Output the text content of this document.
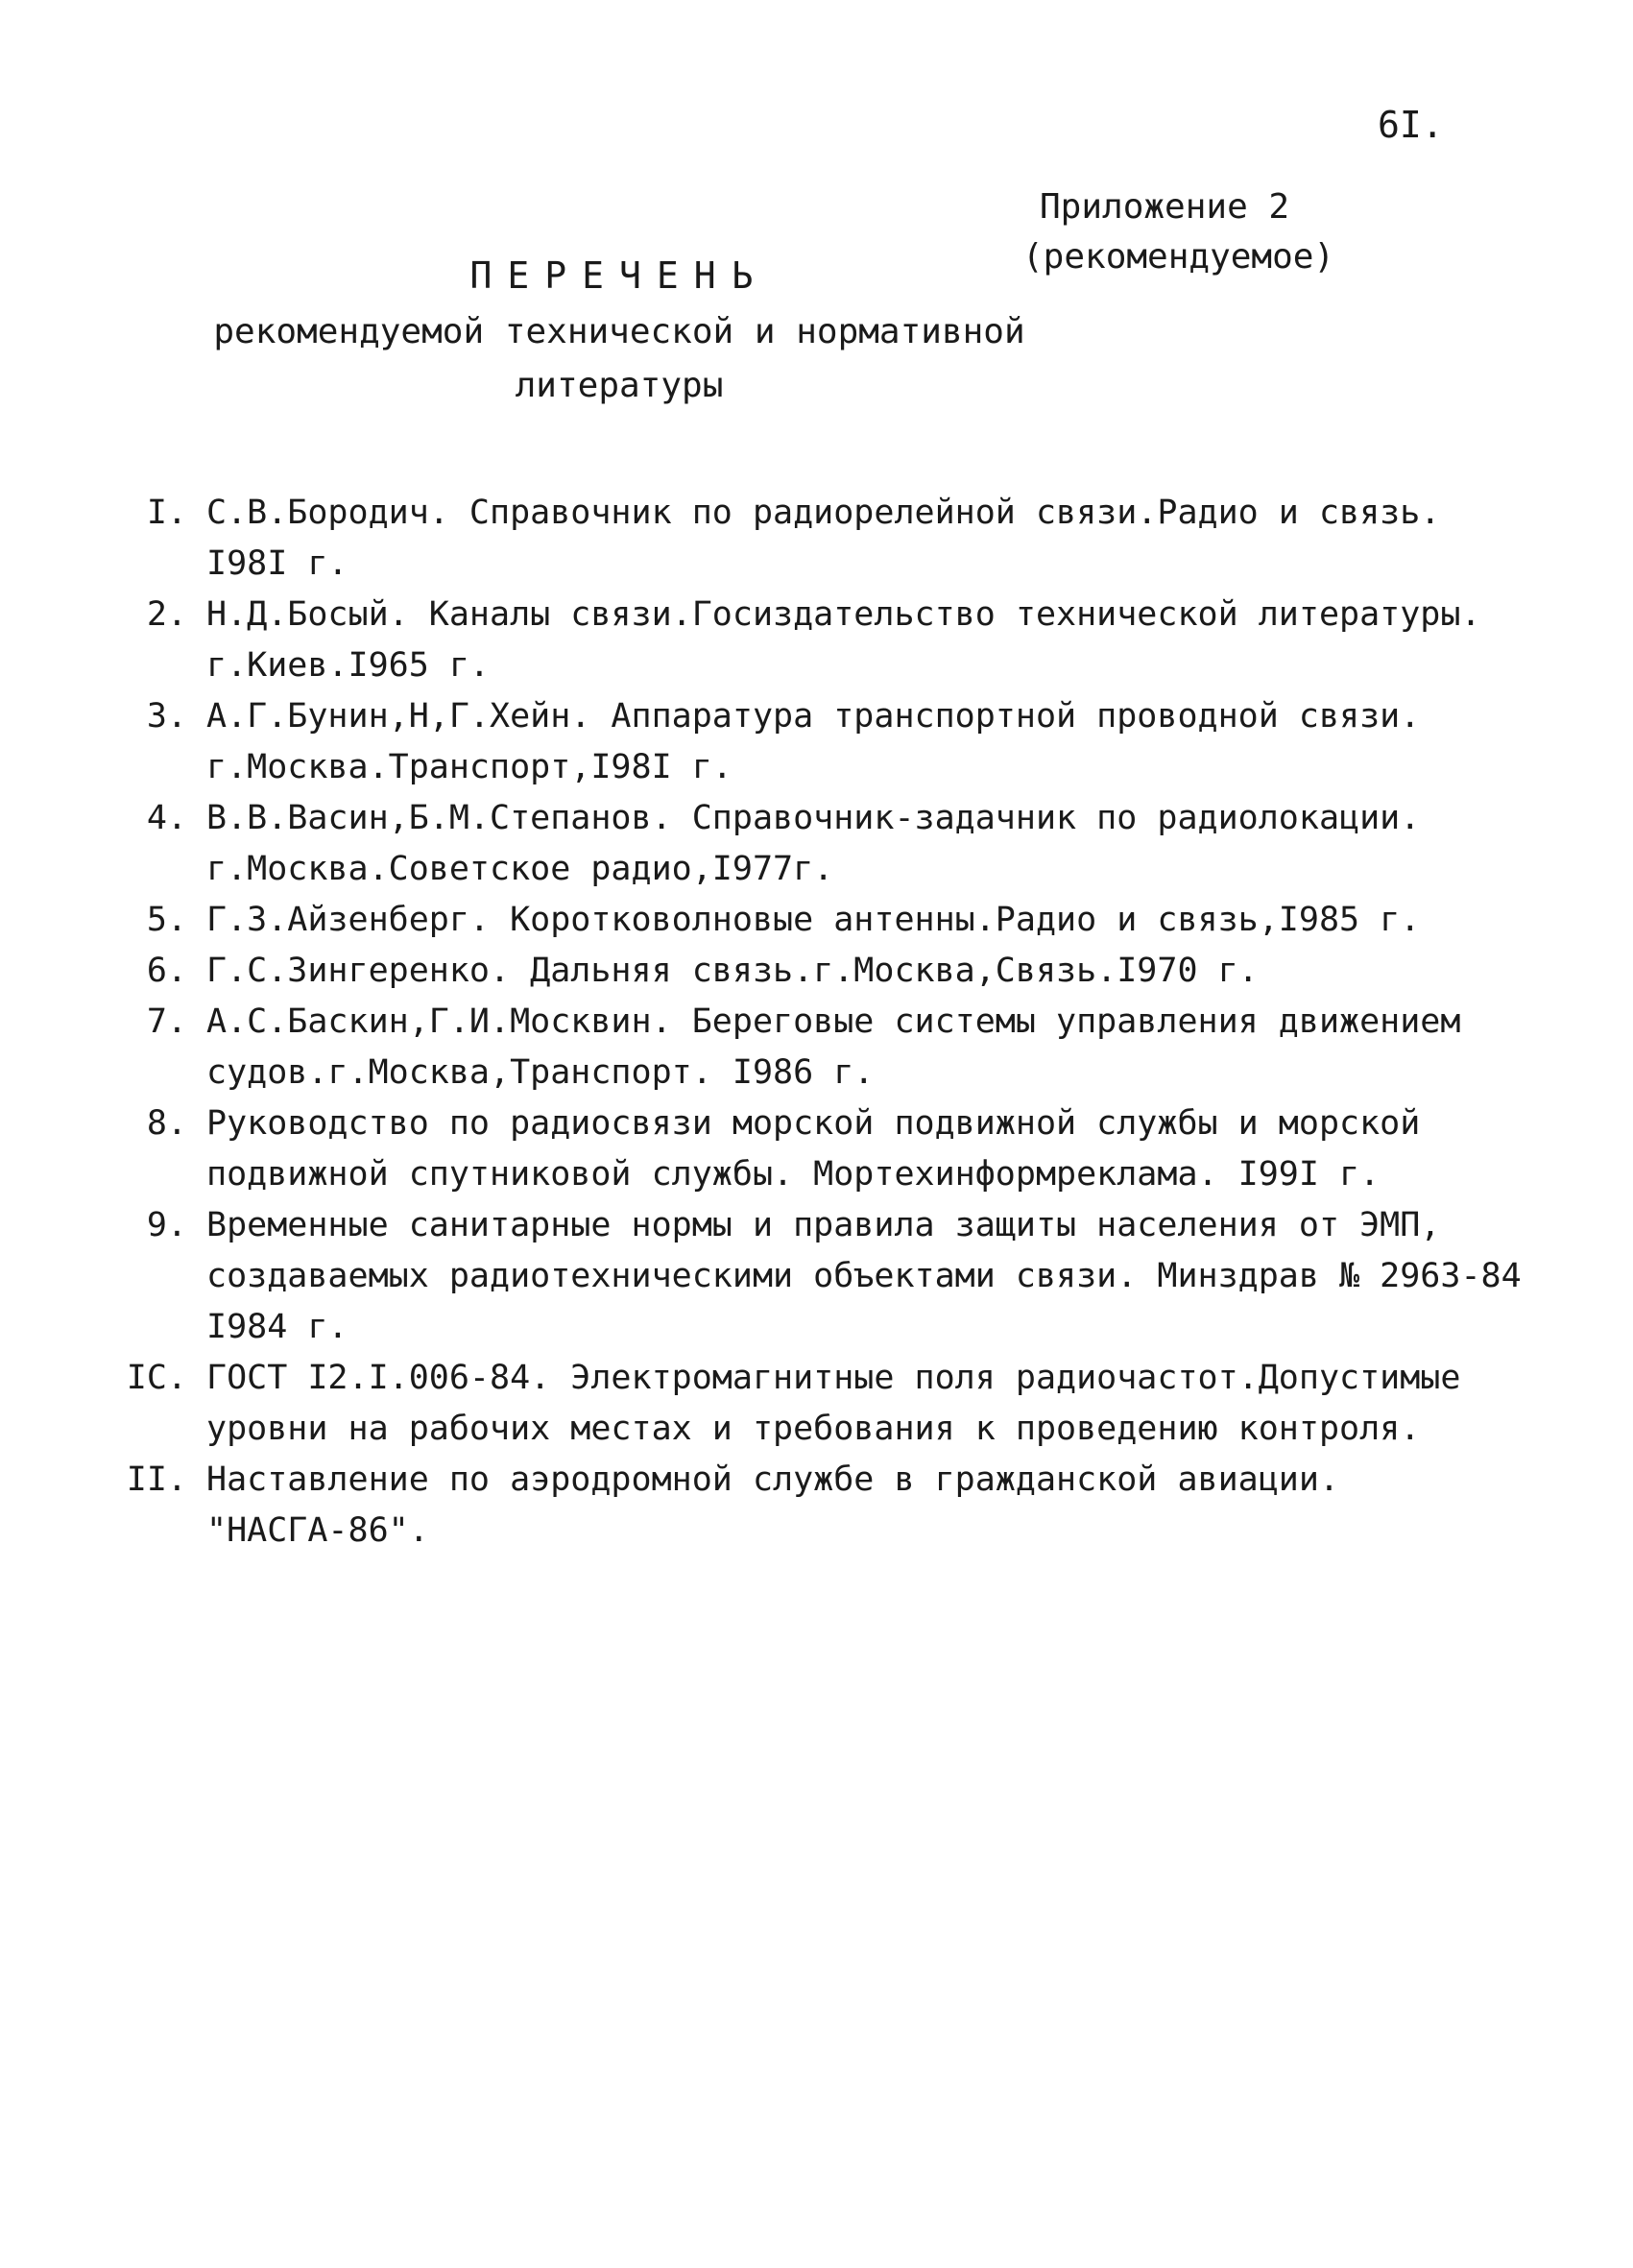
6I.
Приложение 2
(рекомендуемое)
ПЕРЕЧЕНЬ
рекомендуемой технической и нормативной
литературы
I. С.В.Бородич. Справочник по радиорелейной связи.Радио и связь.
I98I г.
2. Н.Д.Босый. Каналы связи.Госиздательство технической литературы.
г.Киев.I965 г.
3. А.Г.Бунин,Н,Г.Хейн. Аппаратура транспортной проводной связи.
г.Москва.Транспорт,I98I г.
4. В.В.Васин,Б.М.Степанов. Справочник-задачник по радиолокации.
г.Москва.Советское радио,I977г.
5. Г.З.Айзенберг. Коротковолновые антенны.Радио и связь,I985 г.
6. Г.С.Зингеренко. Дальняя связь.г.Москва,Связь.I970 г.
7. А.С.Баскин,Г.И.Москвин. Береговые системы управления движением
судов.г.Москва,Транспорт. I986 г.
8. Руководство по радиосвязи морской подвижной службы и морской
подвижной спутниковой службы. Мортехинформреклама. I99I г.
9. Временные санитарные нормы и правила защиты населения от ЭМП,
создаваемых радиотехническими объектами связи. Минздрав № 2963-84
I984 г.
IC. ГОСТ I2.I.006-84. Электромагнитные поля радиочастот.Допустимые
уровни на рабочих местах и требования к проведению контроля.
II. Наставление по аэродромной службе в гражданской авиации.
"НАСГА-86".
